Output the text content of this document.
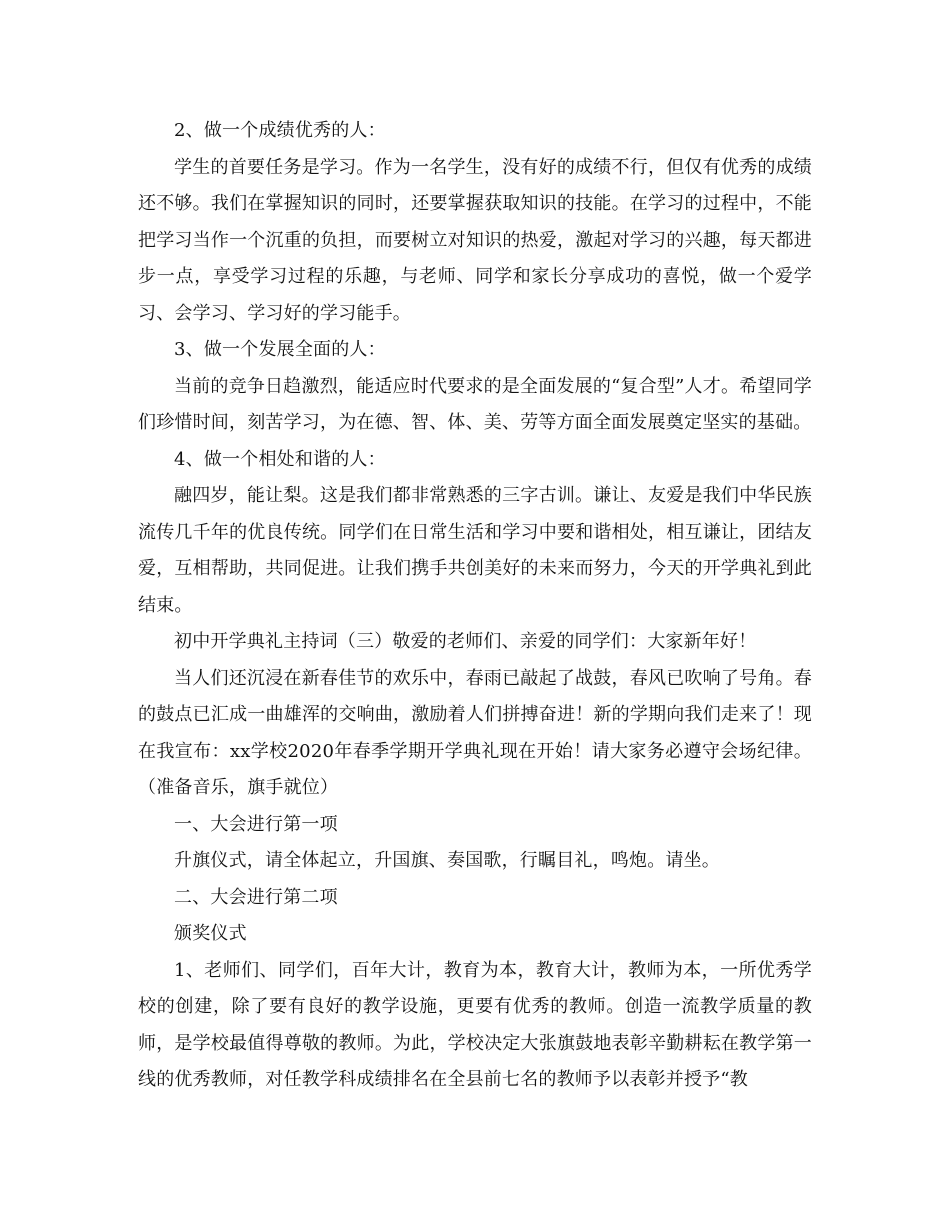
2、做一个成绩优秀的人：

学生的首要任务是学习。作为一名学生，没有好的成绩不行，但仅有优秀的成绩还不够。我们在掌握知识的同时，还要掌握获取知识的技能。在学习的过程中，不能把学习当作一个沉重的负担，而要树立对知识的热爱，激起对学习的兴趣，每天都进步一点，享受学习过程的乐趣，与老师、同学和家长分享成功的喜悦，做一个爱学习、会学习、学习好的学习能手。

3、做一个发展全面的人：

当前的竞争日趋激烈，能适应时代要求的是全面发展的“复合型”人才。希望同学们珍惜时间，刻苦学习，为在德、智、体、美、劳等方面全面发展奠定坚实的基础。

4、做一个相处和谐的人：

融四岁，能让梨。这是我们都非常熟悉的三字古训。谦让、友爱是我们中华民族流传几千年的优良传统。同学们在日常生活和学习中要和谐相处，相互谦让，团结友爱，互相帮助，共同促进。让我们携手共创美好的未来而努力，今天的开学典礼到此结束。

初中开学典礼主持词（三）敬爱的老师们、亲爱的同学们：大家新年好！

当人们还沉浸在新春佳节的欢乐中，春雨已敲起了战鼓，春风已吹响了号角。春的鼓点已汇成一曲雄浑的交响曲，激励着人们拼搏奋进！新的学期向我们走来了！现在我宣布：xx学校2020年春季学期开学典礼现在开始！请大家务必遵守会场纪律。（准备音乐，旗手就位）

一、大会进行第一项

升旗仪式，请全体起立，升国旗、奏国歌，行瞩目礼，鸣炮。请坐。

二、大会进行第二项

颁奖仪式

1、老师们、同学们，百年大计，教育为本，教育大计，教师为本，一所优秀学校的创建，除了要有良好的教学设施，更要有优秀的教师。创造一流教学质量的教师，是学校最值得尊敬的教师。为此，学校决定大张旗鼓地表彰辛勤耕耘在教学第一线的优秀教师，对任教学科成绩排名在全县前七名的教师予以表彰并授予“教
